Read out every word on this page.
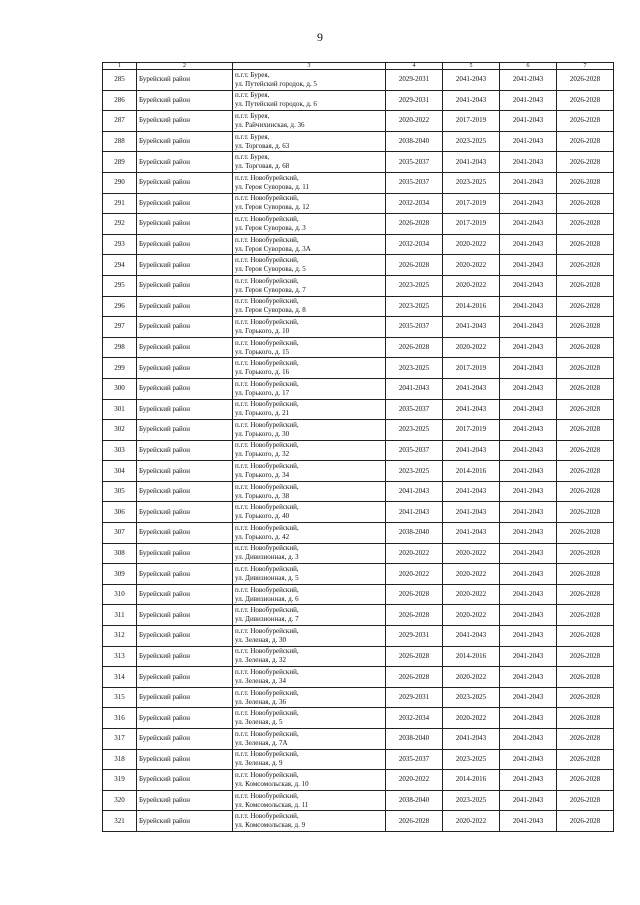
9
1	2	3	4	5	6	7
285	Бурейский район	п.г.т. Бурея,
ул. Путейский городок, д. 5	2029-2031	2041-2043	2041-2043	2026-2028
286	Бурейский район	п.г.т. Бурея,
ул. Путейский городок, д. 6	2029-2031	2041-2043	2041-2043	2026-2028
287	Бурейский район	п.г.т. Бурея,
ул. Райчихинская, д. 36	2020-2022	2017-2019	2041-2043	2026-2028
288	Бурейский район	п.г.т. Бурея,
ул. Торговая, д. 63	2038-2040	2023-2025	2041-2043	2026-2028
289	Бурейский район	п.г.т. Бурея,
ул. Торговая, д. 68	2035-2037	2041-2043	2041-2043	2026-2028
290	Бурейский район	п.г.т. Новобурейский,
ул. Героя Суворова, д. 11	2035-2037	2023-2025	2041-2043	2026-2028
291	Бурейский район	п.г.т. Новобурейский,
ул. Героя Суворова, д. 12	2032-2034	2017-2019	2041-2043	2026-2028
292	Бурейский район	п.г.т. Новобурейский,
ул. Героя Суворова, д. 3	2026-2028	2017-2019	2041-2043	2026-2028
293	Бурейский район	п.г.т. Новобурейский,
ул. Героя Суворова, д. 3А	2032-2034	2020-2022	2041-2043	2026-2028
294	Бурейский район	п.г.т. Новобурейский,
ул. Героя Суворова, д. 5	2026-2028	2020-2022	2041-2043	2026-2028
295	Бурейский район	п.г.т. Новобурейский,
ул. Героя Суворова, д. 7	2023-2025	2020-2022	2041-2043	2026-2028
296	Бурейский район	п.г.т. Новобурейский,
ул. Героя Суворова, д. 8	2023-2025	2014-2016	2041-2043	2026-2028
297	Бурейский район	п.г.т. Новобурейский,
ул. Горького, д. 10	2035-2037	2041-2043	2041-2043	2026-2028
298	Бурейский район	п.г.т. Новобурейский,
ул. Горького, д. 15	2026-2028	2020-2022	2041-2043	2026-2028
299	Бурейский район	п.г.т. Новобурейский,
ул. Горького, д. 16	2023-2025	2017-2019	2041-2043	2026-2028
300	Бурейский район	п.г.т. Новобурейский,
ул. Горького, д. 17	2041-2043	2041-2043	2041-2043	2026-2028
301	Бурейский район	п.г.т. Новобурейский,
ул. Горького, д. 21	2035-2037	2041-2043	2041-2043	2026-2028
302	Бурейский район	п.г.т. Новобурейский,
ул. Горького, д. 30	2023-2025	2017-2019	2041-2043	2026-2028
303	Бурейский район	п.г.т. Новобурейский,
ул. Горького, д. 32	2035-2037	2041-2043	2041-2043	2026-2028
304	Бурейский район	п.г.т. Новобурейский,
ул. Горького, д. 34	2023-2025	2014-2016	2041-2043	2026-2028
305	Бурейский район	п.г.т. Новобурейский,
ул. Горького, д. 38	2041-2043	2041-2043	2041-2043	2026-2028
306	Бурейский район	п.г.т. Новобурейский,
ул. Горького, д. 40	2041-2043	2041-2043	2041-2043	2026-2028
307	Бурейский район	п.г.т. Новобурейский,
ул. Горького, д. 42	2038-2040	2041-2043	2041-2043	2026-2028
308	Бурейский район	п.г.т. Новобурейский,
ул. Дивизионная, д. 3	2020-2022	2020-2022	2041-2043	2026-2028
309	Бурейский район	п.г.т. Новобурейский,
ул. Дивизионная, д. 5	2020-2022	2020-2022	2041-2043	2026-2028
310	Бурейский район	п.г.т. Новобурейский,
ул. Дивизионная, д. 6	2026-2028	2020-2022	2041-2043	2026-2028
311	Бурейский район	п.г.т. Новобурейский,
ул. Дивизионная, д. 7	2026-2028	2020-2022	2041-2043	2026-2028
312	Бурейский район	п.г.т. Новобурейский,
ул. Зеленая, д. 30	2029-2031	2041-2043	2041-2043	2026-2028
313	Бурейский район	п.г.т. Новобурейский,
ул. Зеленая, д. 32	2026-2028	2014-2016	2041-2043	2026-2028
314	Бурейский район	п.г.т. Новобурейский,
ул. Зеленая, д. 34	2026-2028	2020-2022	2041-2043	2026-2028
315	Бурейский район	п.г.т. Новобурейский,
ул. Зеленая, д. 36	2029-2031	2023-2025	2041-2043	2026-2028
316	Бурейский район	п.г.т. Новобурейский,
ул. Зеленая, д. 5	2032-2034	2020-2022	2041-2043	2026-2028
317	Бурейский район	п.г.т. Новобурейский,
ул. Зеленая, д. 7А	2038-2040	2041-2043	2041-2043	2026-2028
318	Бурейский район	п.г.т. Новобурейский,
ул. Зеленая, д. 9	2035-2037	2023-2025	2041-2043	2026-2028
319	Бурейский район	п.г.т. Новобурейский,
ул. Комсомольская, д. 10	2020-2022	2014-2016	2041-2043	2026-2028
320	Бурейский район	п.г.т. Новобурейский,
ул. Комсомольская, д. 11	2038-2040	2023-2025	2041-2043	2026-2028
321	Бурейский район	п.г.т. Новобурейский,
ул. Комсомольская, д. 9	2026-2028	2020-2022	2041-2043	2026-2028
